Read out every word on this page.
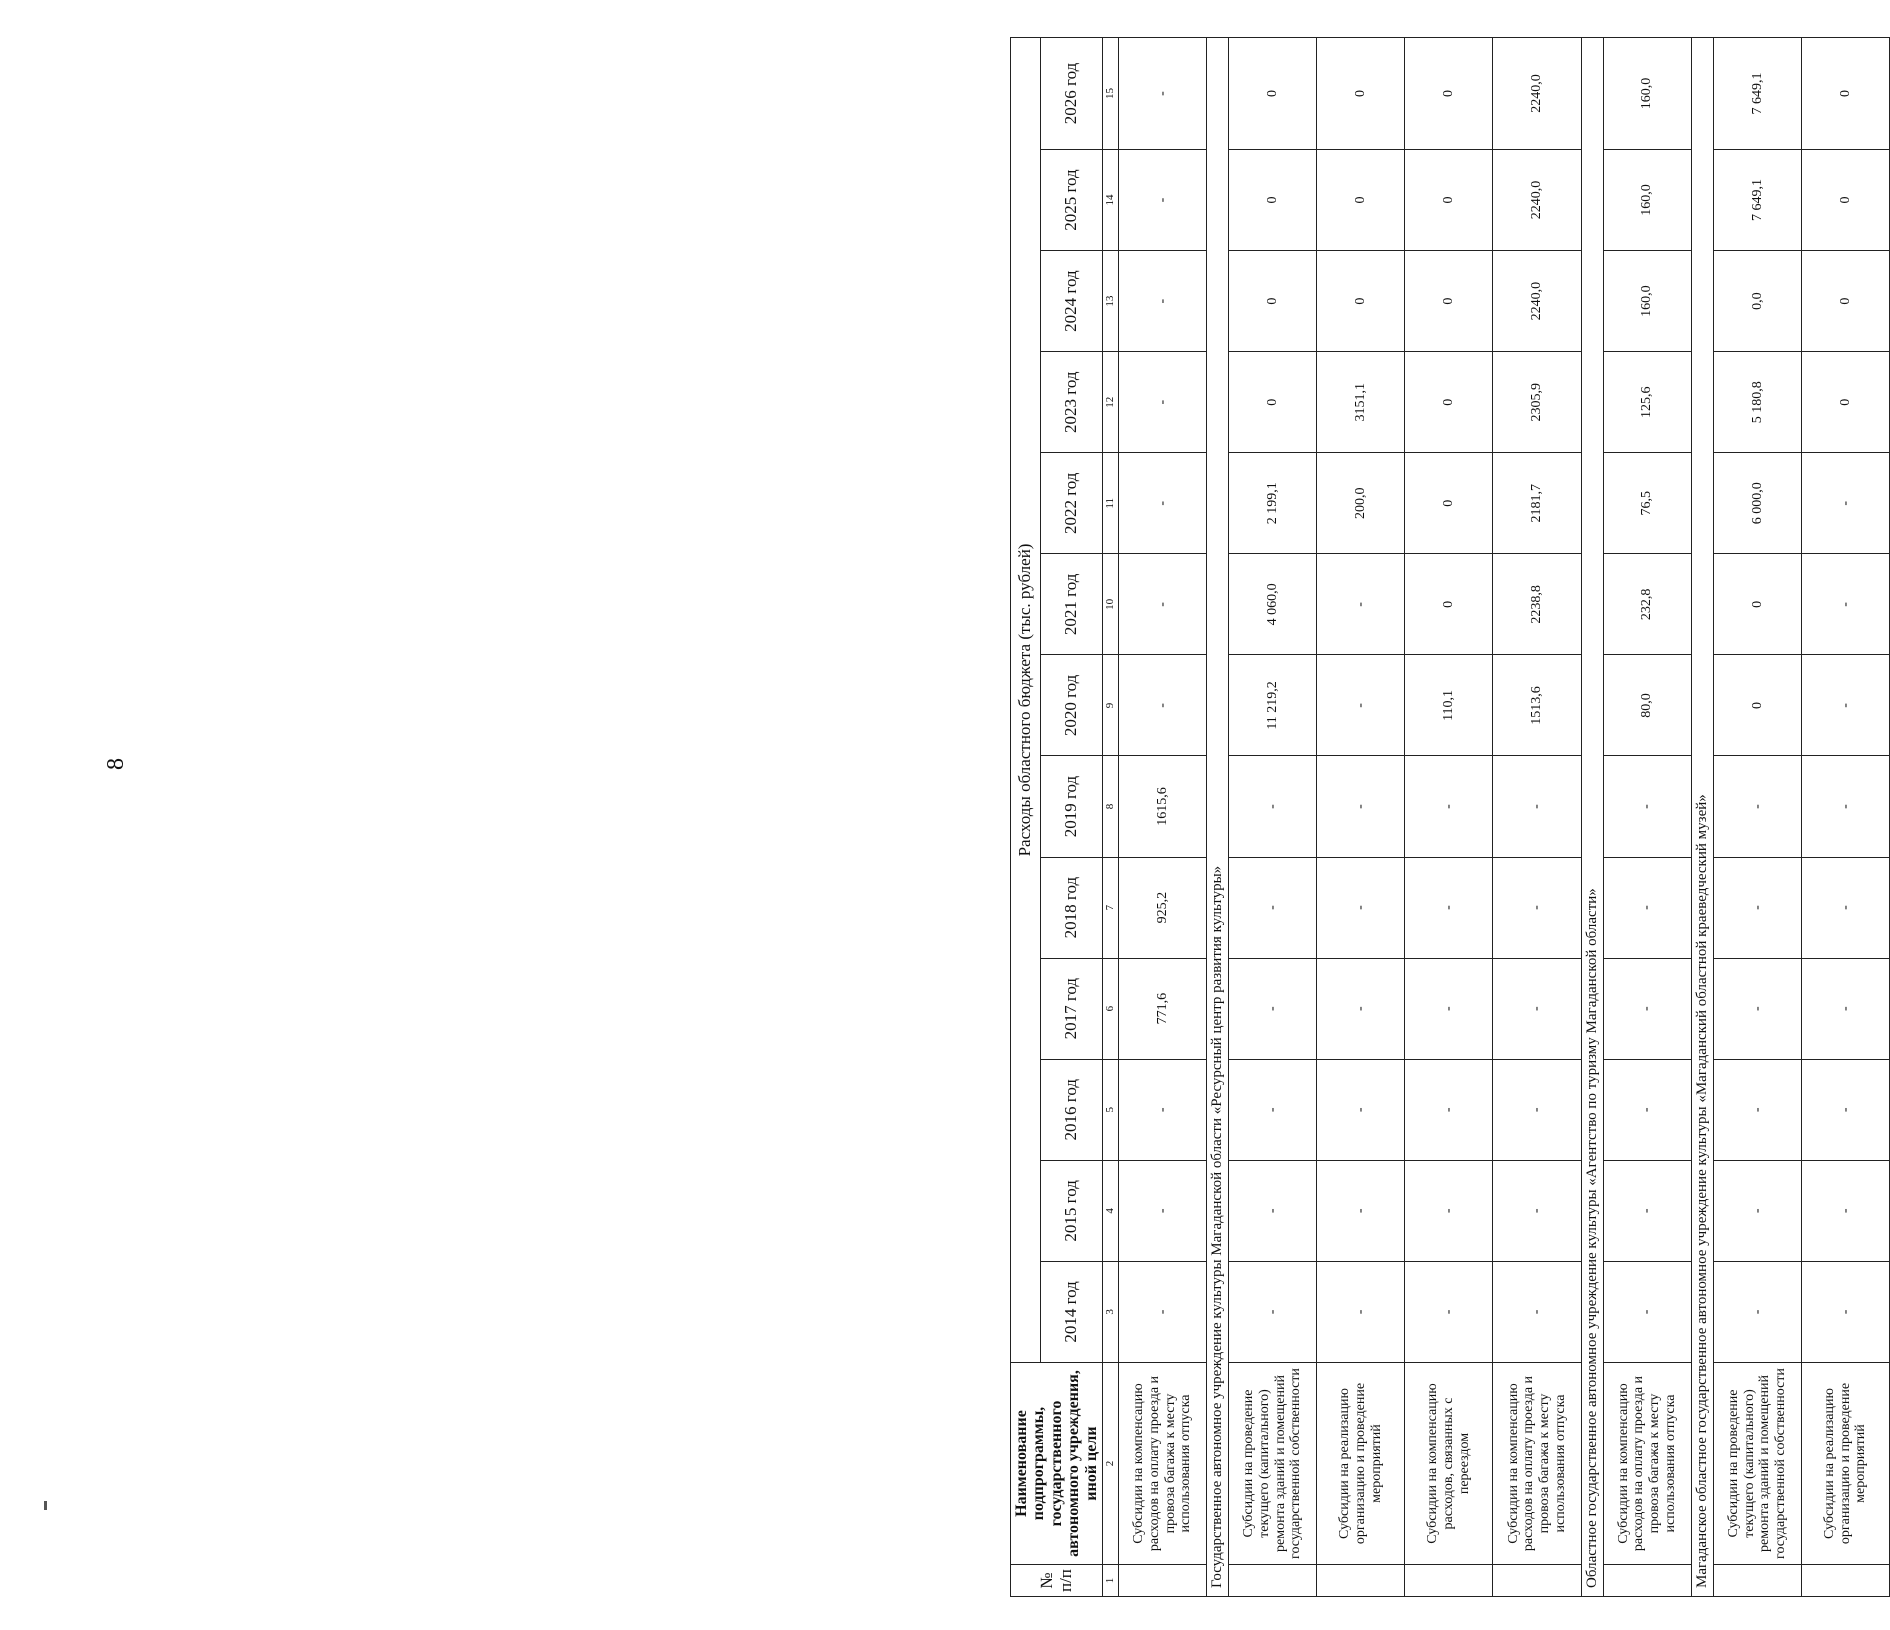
8
№ п/п	Наименование подпрограммы, государственного автономного учреждения, иной цели	Расходы областного бюджета (тыс. рублей)												
		2014 год	2015 год	2016 год	2017 год	2018 год	2019 год	2020 год	2021 год	2022 год	2023 год	2024 год	2025 год	2026 год
1	2	3	4	5	6	7	8	9	10	11	12	13	14	15
	Субсидии на компенсацию расходов на оплату проезда и провоза багажа к месту использования отпуска	-	-	-	771,6	925,2	1615,6	-	-	-	-	-	-	-
Государственное автономное учреждение культуры Магаданской области «Ресурсный центр развития культуры»														
	Субсидии на проведение текущего (капитального) ремонта зданий и помещений государственной собственности	-	-	-	-	-	-	11 219,2	4 060,0	2 199,1	0	0	0	0
	Субсидии на реализацию организацию и проведение мероприятий	-	-	-	-	-	-	-	-	200,0	3151,1	0	0	0
	Субсидии на компенсацию расходов, связанных с переездом	-	-	-	-	-	-	110,1	0	0	0	0	0	0
	Субсидии на компенсацию расходов на оплату проезда и провоза багажа к месту использования отпуска	-	-	-	-	-	-	1513,6	2238,8	2181,7	2305,9	2240,0	2240,0	2240,0
Областное государственное автономное учреждение культуры «Агентство по туризму Магаданской области»														
	Субсидии на компенсацию расходов на оплату проезда и провоза багажа к месту использования отпуска	-	-	-	-	-	-	80,0	232,8	76,5	125,6	160,0	160,0	160,0
Магаданское областное государственное автономное учреждение культуры «Магаданский областной краеведческий музей»														
	Субсидии на проведение текущего (капитального) ремонта зданий и помещений государственной собственности	-	-	-	-	-	-	0	0	6 000,0	5 180,8	0,0	7 649,1	7 649,1
	Субсидии на реализацию организацию и проведение мероприятий	-	-	-	-	-	-	-	-	-	0	0	0	0
